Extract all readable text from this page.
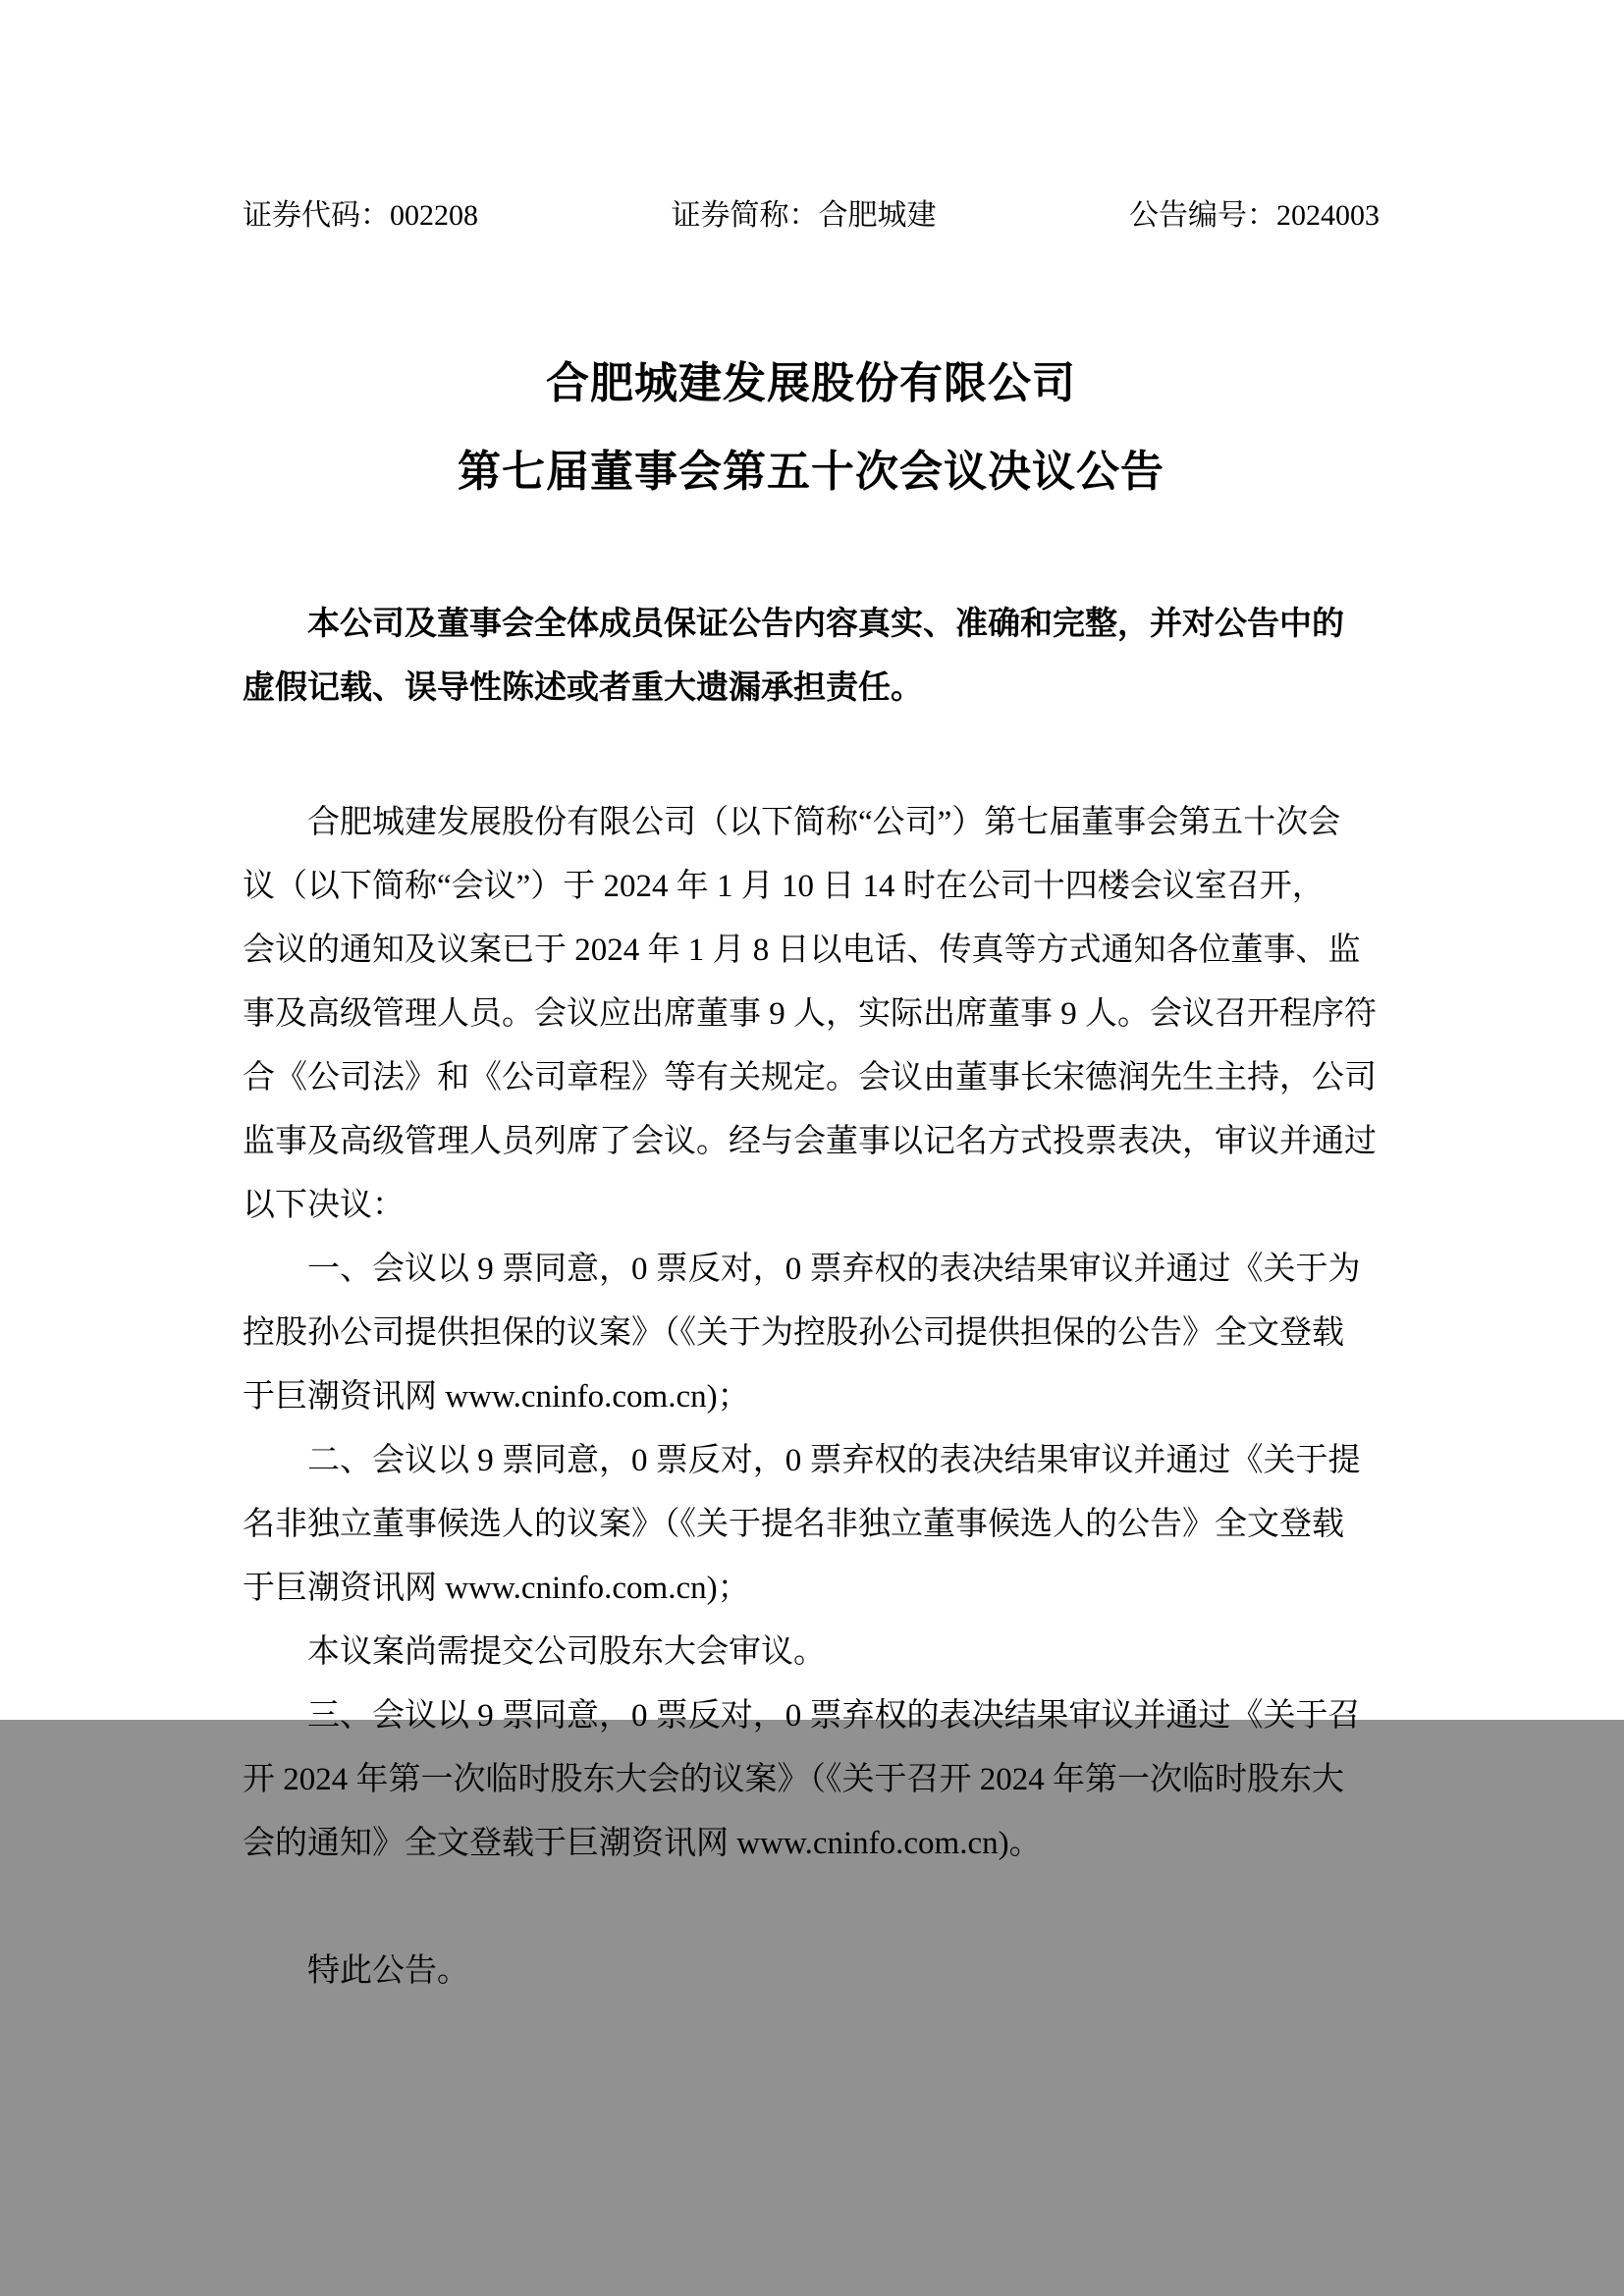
证券代码：002208	证券简称：合肥城建	公告编号：2024003
合肥城建发展股份有限公司
第七届董事会第五十次会议决议公告
本公司及董事会全体成员保证公告内容真实、准确和完整，并对公告中的
虚假记载、误导性陈述或者重大遗漏承担责任。
合肥城建发展股份有限公司（以下简称“公司”）第七届董事会第五十次会
议（以下简称“会议”）于 2024 年 1 月 10 日 14 时在公司十四楼会议室召开，
会议的通知及议案已于 2024 年 1 月 8 日以电话、传真等方式通知各位董事、监
事及高级管理人员。会议应出席董事 9 人，实际出席董事 9 人。会议召开程序符
合《公司法》和《公司章程》等有关规定。会议由董事长宋德润先生主持，公司
监事及高级管理人员列席了会议。经与会董事以记名方式投票表决，审议并通过
以下决议：
一、会议以 9 票同意，0 票反对，0 票弃权的表决结果审议并通过《关于为
控股孙公司提供担保的议案》（《关于为控股孙公司提供担保的公告》全文登载
于巨潮资讯网 www.cninfo.com.cn)；
二、会议以 9 票同意，0 票反对，0 票弃权的表决结果审议并通过《关于提
名非独立董事候选人的议案》（《关于提名非独立董事候选人的公告》全文登载
于巨潮资讯网 www.cninfo.com.cn)；
本议案尚需提交公司股东大会审议。
三、会议以 9 票同意，0 票反对，0 票弃权的表决结果审议并通过《关于召
开 2024 年第一次临时股东大会的议案》（《关于召开 2024 年第一次临时股东大
会的通知》全文登载于巨潮资讯网 www.cninfo.com.cn)。
特此公告。
